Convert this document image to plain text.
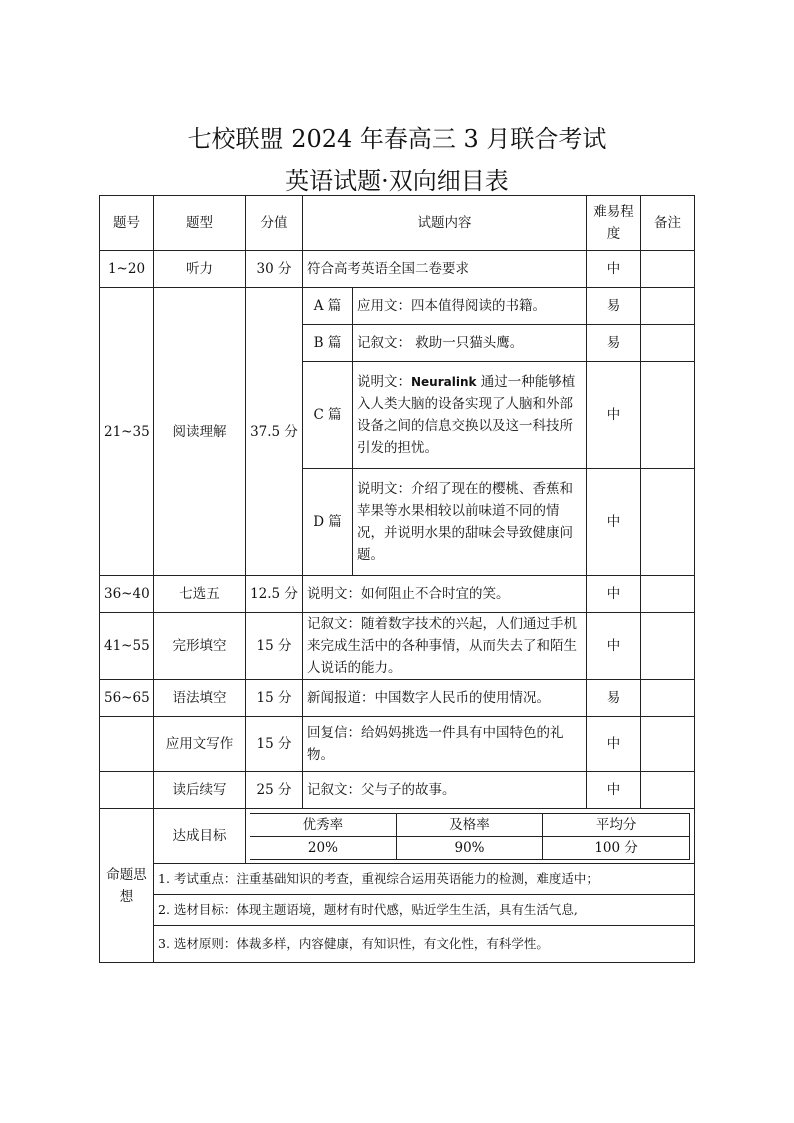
七校联盟 2024 年春高三 3 月联合考试
英语试题·双向细目表
题号	题型	分值	试题内容	难易程度	备注
1~20	听力	30 分	符合高考英语全国二卷要求	中	
21~35	阅读理解	37.5 分	A 篇	应用文：四本值得阅读的书籍。	易	
B 篇	记叙文： 救助一只猫头鹰。	易	
C 篇	说明文：Neuralink 通过一种能够植入人类大脑的设备实现了人脑和外部设备之间的信息交换以及这一科技所引发的担忧。	中	
D 篇	说明文：介绍了现在的樱桃、香蕉和苹果等水果相较以前味道不同的情况，并说明水果的甜味会导致健康问题。	中	
36~40	七选五	12.5 分	说明文：如何阻止不合时宜的笑。	中	
41~55	完形填空	15 分	记叙文：随着数字技术的兴起，人们通过手机来完成生活中的各种事情，从而失去了和陌生人说话的能力。	中	
56~65	语法填空	15 分	新闻报道：中国数字人民币的使用情况。	易	
	应用文写作	15 分	回复信：给妈妈挑选一件具有中国特色的礼物。	中	
	读后续写	25 分	记叙文：父与子的故事。	中	
命题思想	达成目标	
优秀率	及格率	平均分
20%	90%	100 分

1. 考试重点：注重基础知识的考查，重视综合运用英语能力的检测，难度适中；
2. 选材目标：体现主题语境，题材有时代感，贴近学生生活，具有生活气息,
3. 选材原则：体裁多样，内容健康，有知识性，有文化性，有科学性。
